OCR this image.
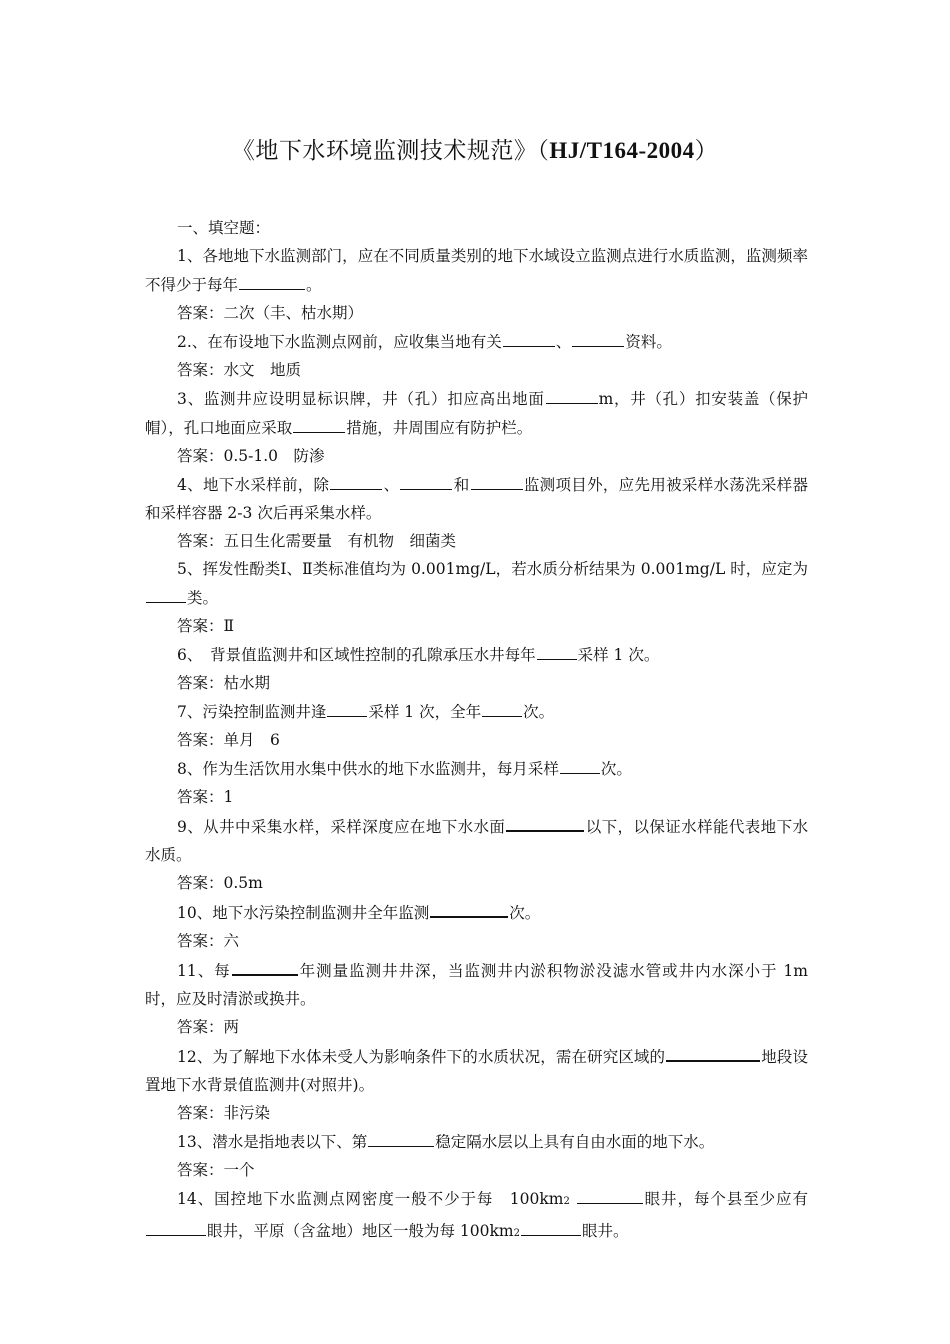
《地下水环境监测技术规范》（HJ/T164-2004）

一、填空题：

1、各地地下水监测部门，应在不同质量类别的地下水域设立监测点进行水质监测，监测频率不得少于每年	。

答案：二次（丰、枯水期）

2.、在布设地下水监测点网前，应收集当地有关	、	资料。

答案：水文　地质

3、监测井应设明显标识牌，井（孔）扣应高出地面	m，井（孔）扣安装盖（保护帽），孔口地面应采取	措施，井周围应有防护栏。

答案：0.5-1.0　防渗

4、地下水采样前，除	、	和	监测项目外，应先用被采样水荡洗采样器和采样容器 2-3 次后再采集水样。

答案：五日生化需要量　有机物　细菌类

5、挥发性酚类Ⅰ、Ⅱ类标准值均为 0.001mg/L，若水质分析结果为 0.001mg/L 时，应定为类。

答案：Ⅱ

6、　背景值监测井和区域性控制的孔隙承压水井每年	采样 1 次。

答案：枯水期

7、污染控制监测井逢	采样 1 次，全年	次。

答案：单月　6

8、作为生活饮用水集中供水的地下水监测井，每月采样	次。

答案：1

9、从井中采集水样，采样深度应在地下水水面	以下，以保证水样能代表地下水水质。

答案：0.5m

10、地下水污染控制监测井全年监测	次。

答案：六

11、每	年测量监测井井深，当监测井内淤积物淤没滤水管或井内水深小于 1m 时，应及时清淤或换井。

答案：两

12、为了解地下水体未受人为影响条件下的水质状况，需在研究区域的	地段设置地下水背景值监测井(对照井)。

答案：非污染

13、潜水是指地表以下、第	稳定隔水层以上具有自由水面的地下水。

答案：一个

14、国控地下水监测点网密度一般不少于每　100km2	眼井，每个县至少应有眼井，平原（含盆地）地区一般为每 100km2	眼井。
